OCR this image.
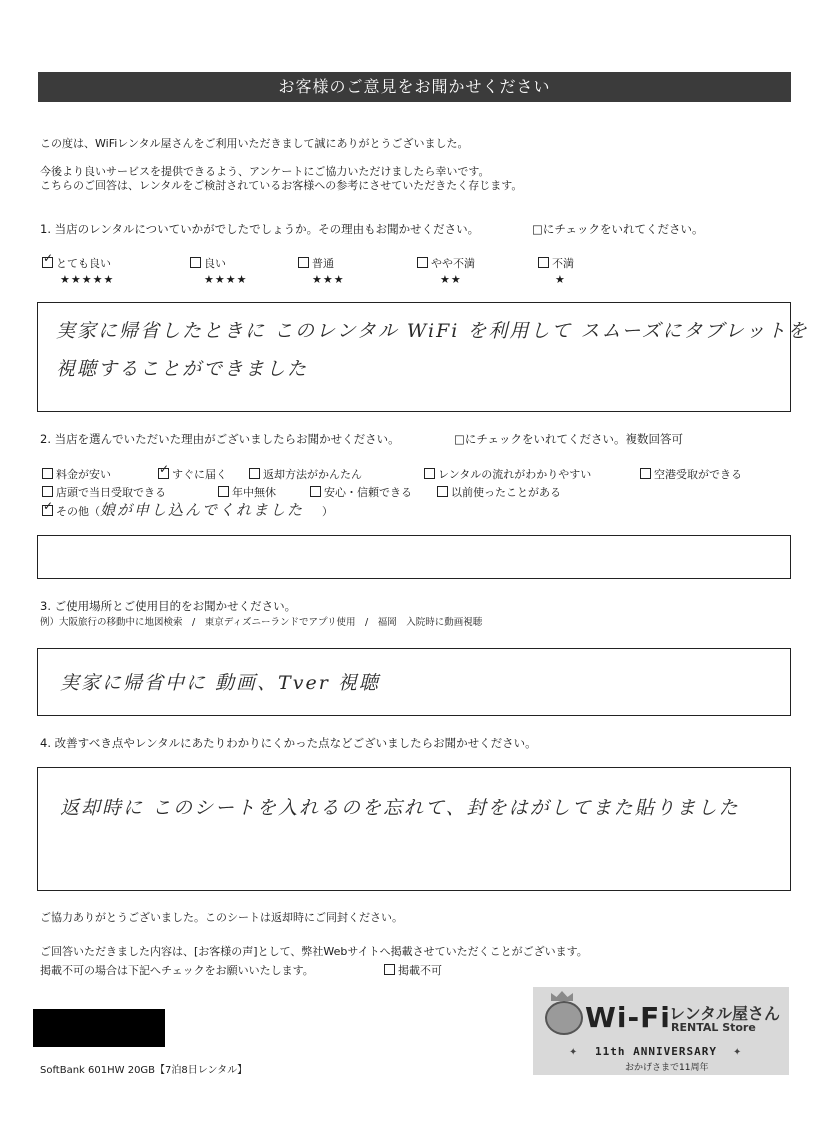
お客様のご意見をお聞かせください
この度は、WiFiレンタル屋さんをご利用いただきまして誠にありがとうございました。
今後より良いサービスを提供できるよう、アンケートにご協力いただけましたら幸いです。
こちらのご回答は、レンタルをご検討されているお客様への参考にさせていただきたく存じます。
1. 当店のレンタルについていかがでしたでしょうか。その理由もお聞かせください。	□にチェックをいれてください。
✓とても良い
★★★★★
良い
★★★★
普通
★★★
やや不満
★★
不満
★
実家に帰省したときに このレンタル WiFi を利用して スムーズにタブレットを
視聴することができました
2. 当店を選んでいただいた理由がございましたらお聞かせください。	□にチェックをいれてください。複数回答可
料金が安い
✓	すぐに届く	返却方法がかんたん	レンタルの流れがわかりやすい	空港受取ができる
店頭で当日受取できる	年中無休	安心・信頼できる	以前使ったことがある
✓その他（娘が申し込んでくれました ）
3. ご使用場所とご使用目的をお聞かせください。
例）大阪旅行の移動中に地図検索　/　東京ディズニーランドでアプリ使用　/　福岡　入院時に動画視聴
実家に帰省中に 動画、Tver 視聴
4. 改善すべき点やレンタルにあたりわかりにくかった点などございましたらお聞かせください。
返却時に このシートを入れるのを忘れて、封をはがしてまた貼りました
ご協力ありがとうございました。このシートは返却時にご同封ください。
ご回答いただきました内容は、[お客様の声]として、弊社Webサイトへ掲載させていただくことがございます。
掲載不可の場合は下記へチェックをお願いいたします。	掲載不可
SoftBank 601HW 20GB【7泊8日レンタル】
Wi-Fi
レンタル屋さん
RENTAL Store
✦ 11th ANNIVERSARY ✦
おかげさまで11周年
